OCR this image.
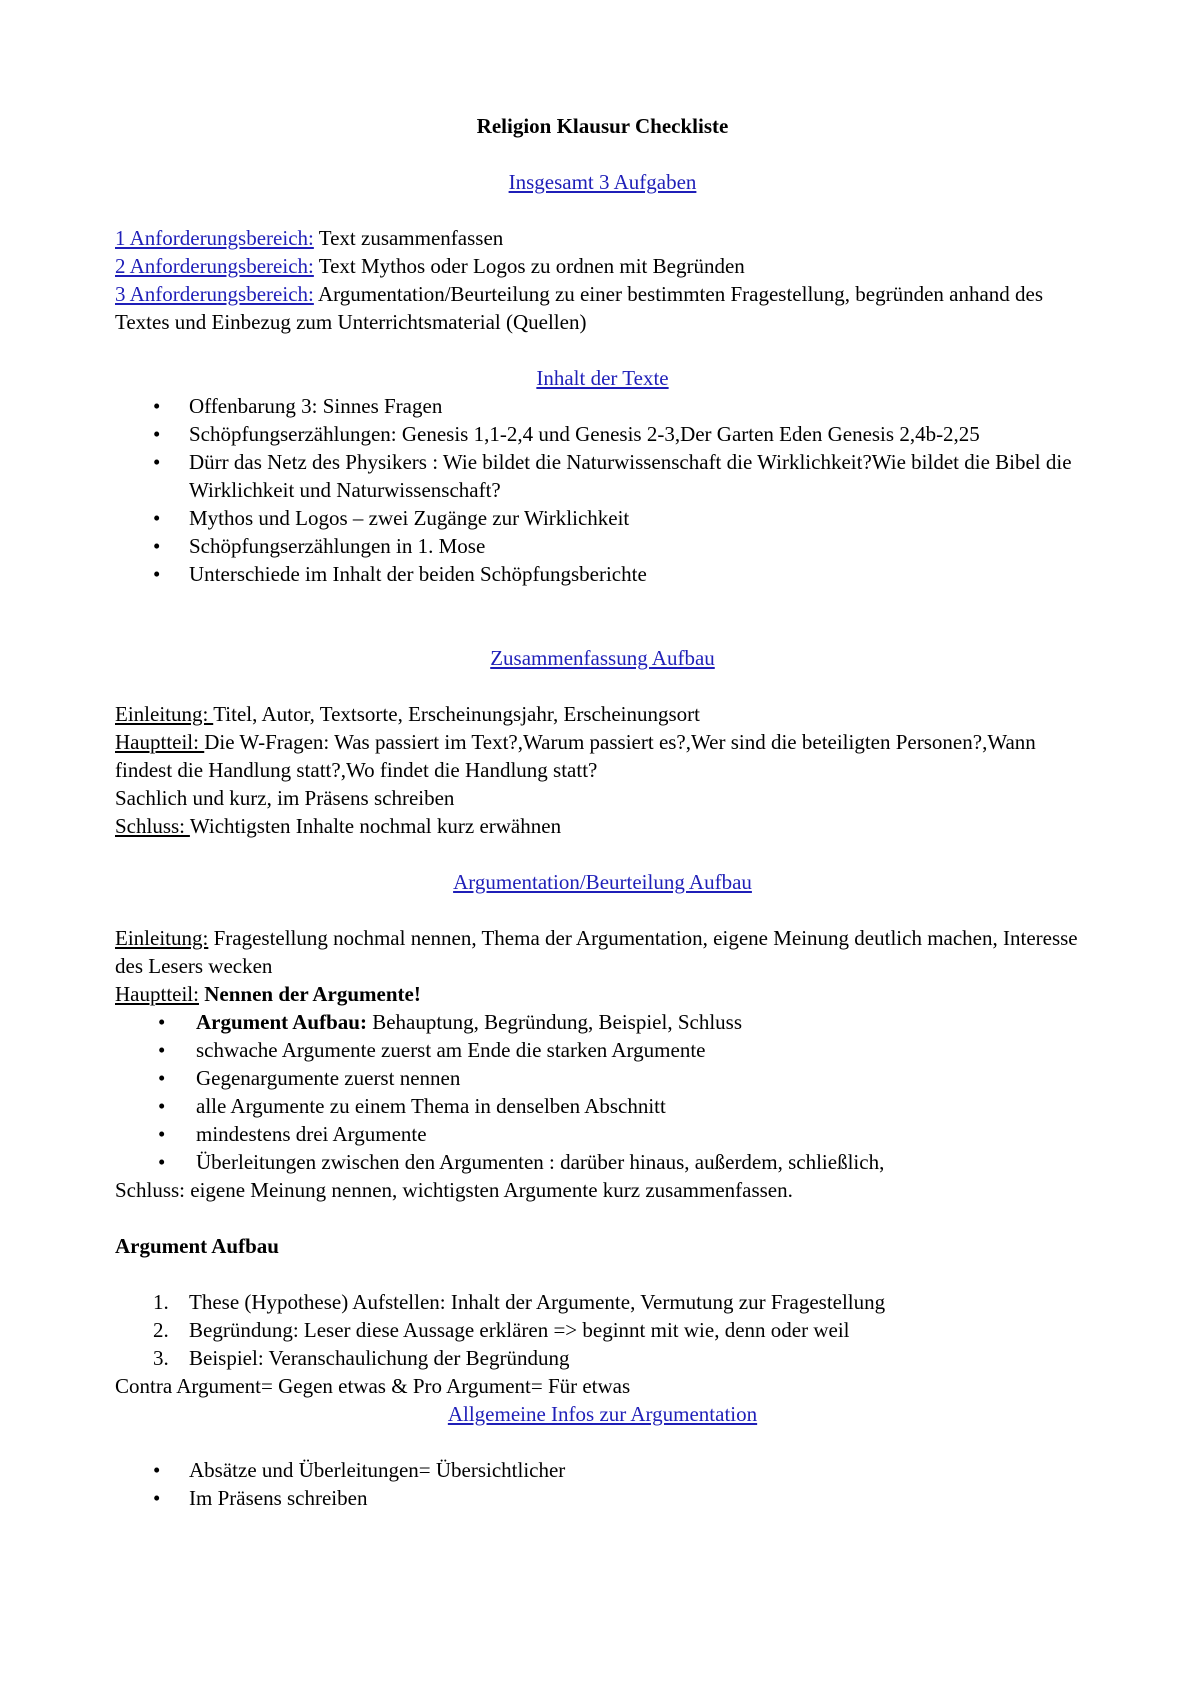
Religion Klausur Checkliste

Insgesamt 3 Aufgaben

1 Anforderungsbereich: Text zusammenfassen

2 Anforderungsbereich: Text Mythos oder Logos zu ordnen mit Begründen

3 Anforderungsbereich: Argumentation/Beurteilung zu einer bestimmten Fragestellung, begründen anhand des Textes und Einbezug zum Unterrichtsmaterial (Quellen)

Inhalt der Texte

• Offenbarung 3: Sinnes Fragen
• Schöpfungserzählungen: Genesis 1,1-2,4 und Genesis 2-3,Der Garten Eden Genesis 2,4b-2,25
• Dürr das Netz des Physikers : Wie bildet die Naturwissenschaft die Wirklichkeit?Wie bildet die Bibel die Wirklichkeit und Naturwissenschaft?
• Mythos und Logos – zwei Zugänge zur Wirklichkeit
• Schöpfungserzählungen in 1. Mose
• Unterschiede im Inhalt der beiden Schöpfungsberichte

Zusammenfassung Aufbau

Einleitung: Titel, Autor, Textsorte, Erscheinungsjahr, Erscheinungsort

Hauptteil: Die W-Fragen: Was passiert im Text?,Warum passiert es?,Wer sind die beteiligten Personen?,Wann findest die Handlung statt?,Wo findet die Handlung statt?

Sachlich und kurz, im Präsens schreiben

Schluss: Wichtigsten Inhalte nochmal kurz erwähnen

Argumentation/Beurteilung Aufbau

Einleitung: Fragestellung nochmal nennen, Thema der Argumentation, eigene Meinung deutlich machen, Interesse des Lesers wecken

Hauptteil: Nennen der Argumente!

• Argument Aufbau: Behauptung, Begründung, Beispiel, Schluss
• schwache Argumente zuerst am Ende die starken Argumente
• Gegenargumente zuerst nennen
• alle Argumente zu einem Thema in denselben Abschnitt
• mindestens drei Argumente
• Überleitungen zwischen den Argumenten : darüber hinaus, außerdem, schließlich,

Schluss: eigene Meinung nennen, wichtigsten Argumente kurz zusammenfassen.

Argument Aufbau

1. These (Hypothese) Aufstellen: Inhalt der Argumente, Vermutung zur Fragestellung
2. Begründung: Leser diese Aussage erklären => beginnt mit wie, denn oder weil
3. Beispiel: Veranschaulichung der Begründung

Contra Argument= Gegen etwas & Pro Argument= Für etwas

Allgemeine Infos zur Argumentation

• Absätze und Überleitungen= Übersichtlicher
• Im Präsens schreiben
